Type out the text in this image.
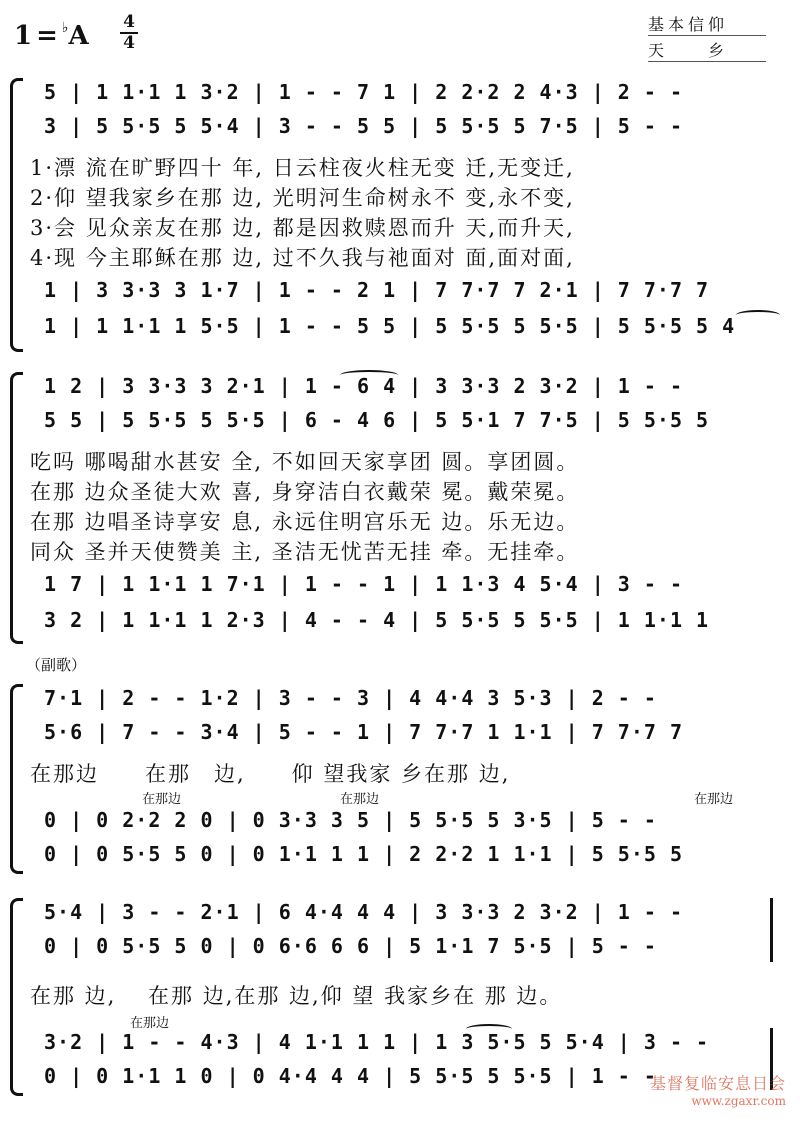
1 = ♭A 4
4
基本信仰
天　　乡
5 | 1 1·1 1 3·2 | 1 - - 7 1 | 2 2·2 2 4·3 | 2 - -
3 | 5 5·5 5 5·4 | 3 - - 5 5 | 5 5·5 5 7·5 | 5 - -
1·漂 流在旷野四十 年, 日云柱夜火柱无变 迁,无变迁,
2·仰 望我家乡在那 边, 光明河生命树永不 变,永不变,
3·会 见众亲友在那 边, 都是因救赎恩而升 天,而升天,
4·现 今主耶稣在那 边, 过不久我与祂面对 面,面对面,
1 | 3 3·3 3 1·7 | 1 - - 2 1 | 7 7·7 7 2·1 | 7 7·7 7
1 | 1 1·1 1 5·5 | 1 - - 5 5 | 5 5·5 5 5·5 | 5 5·5 5 4
1 2 | 3 3·3 3 2·1 | 1 - 6 4 | 3 3·3 2 3·2 | 1 - -
5 5 | 5 5·5 5 5·5 | 6 - 4 6 | 5 5·1 7 7·5 | 5 5·5 5
吃吗 哪喝甜水甚安 全, 不如回天家享团 圆。享团圆。
在那 边众圣徒大欢 喜, 身穿洁白衣戴荣 冕。戴荣冕。
在那 边唱圣诗享安 息, 永远住明宫乐无 边。乐无边。
同众 圣并天使赞美 主, 圣洁无忧苦无挂 牵。无挂牵。
1 7 | 1 1·1 1 7·1 | 1 - - 1 | 1 1·3 4 5·4 | 3 - -
3 2 | 1 1·1 1 2·3 | 4 - - 4 | 5 5·5 5 5·5 | 1 1·1 1
（副歌）
7·1 | 2 - - 1·2 | 3 - - 3 | 4 4·4 3 5·3 | 2 - -
5·6 | 7 - - 3·4 | 5 - - 1 | 7 7·7 1 1·1 | 7 7·7 7
在那边　　在那　边,　　仰 望我家 乡在那 边,
在那边	在那边	在那边
0 | 0 2·2 2 0 | 0 3·3 3 5 | 5 5·5 5 3·5 | 5 - -
0 | 0 5·5 5 0 | 0 1·1 1 1 | 2 2·2 1 1·1 | 5 5·5 5
5·4 | 3 - - 2·1 | 6 4·4 4 4 | 3 3·3 2 3·2 | 1 - -
0 | 0 5·5 5 0 | 0 6·6 6 6 | 5 1·1 7 5·5 | 5 - -
在那 边,　 在那 边,在那 边,仰 望 我家乡在 那 边。
在那边
3·2 | 1 - - 4·3 | 4 1·1 1 1 | 1 3 5·5 5 5·4 | 3 - -
0 | 0 1·1 1 0 | 0 4·4 4 4 | 5 5·5 5 5·5 | 1 - -
基督复临安息日会
www.zgaxr.com
